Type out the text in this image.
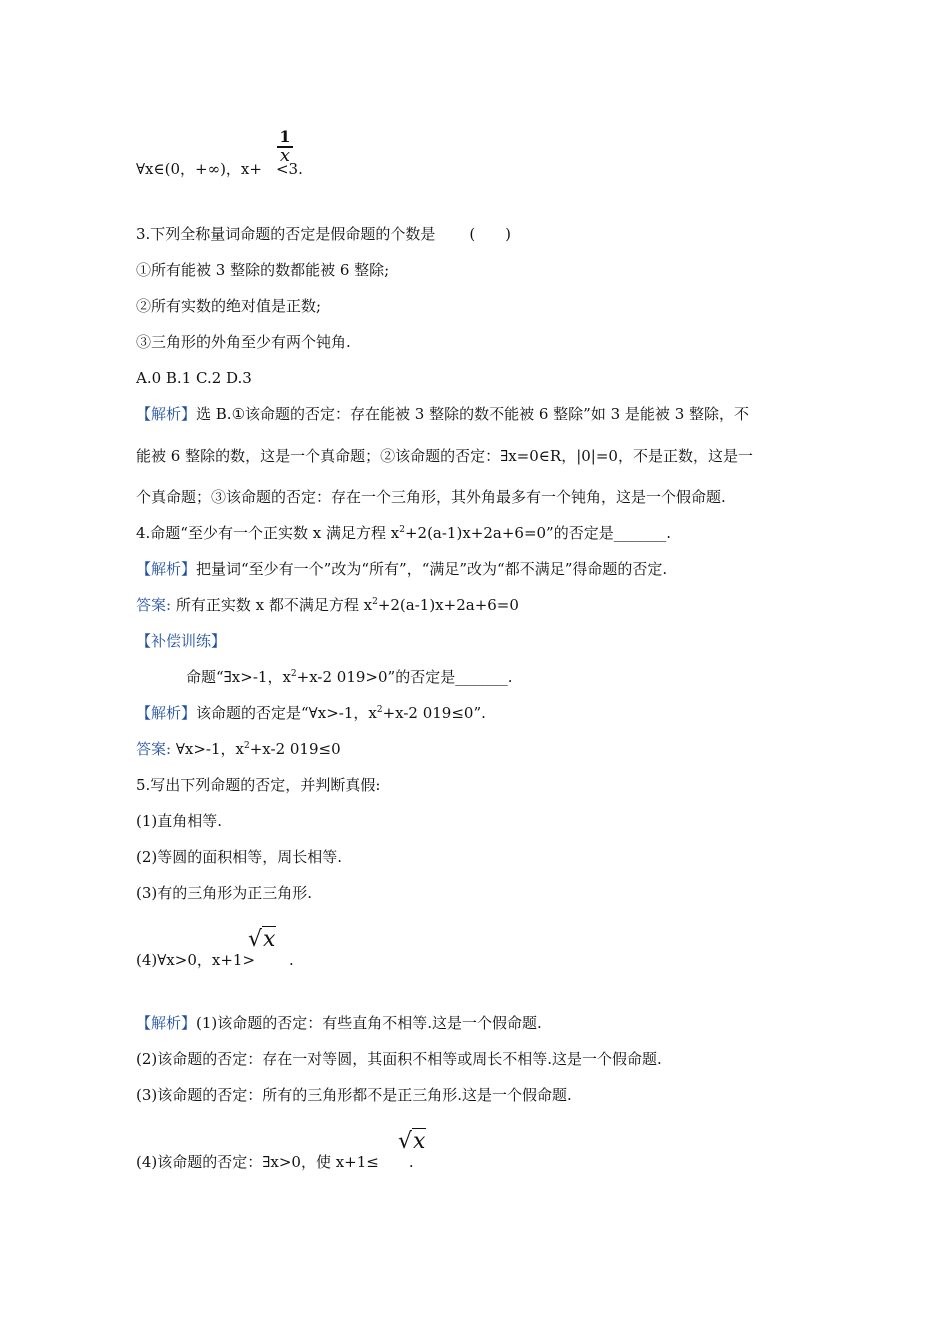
1
x
∀x∈(0，+∞)，x+ <3.
3.下列全称量词命题的否定是假命题的个数是 (　　)
①所有能被 3 整除的数都能被 6 整除;
②所有实数的绝对值是正数;
③三角形的外角至少有两个钝角.
A.0 B.1 C.2 D.3
【解析】选 B.①该命题的否定：存在能被 3 整除的数不能被 6 整除”如 3 是能被 3 整除，不
能被 6 整除的数，这是一个真命题；②该命题的否定：∃x=0∈R，|0|=0，不是正数，这是一
个真命题；③该命题的否定：存在一个三角形，其外角最多有一个钝角，这是一个假命题.
4.命题“至少有一个正实数 x 满足方程 $x^2+2(a-1)x+2a+6=0$”的否定是_______.
【解析】把量词“至少有一个”改为“所有”，“满足”改为“都不满足”得命题的否定.
答案: 所有正实数 x 都不满足方程 $x^2+2(a-1)x+2a+6=0$
【补偿训练】
命题“∃x>-1，$x^2+x-2$ 019>0”的否定是_______.
【解析】该命题的否定是“∀x>-1，$x^2+x-2$ 019≤0”.
答案: ∀x>-1，$x^2+x-2$ 019≤0
5.写出下列命题的否定，并判断真假:
(1)直角相等.
(2)等圆的面积相等，周长相等.
(3)有的三角形为正三角形.
√x
(4)∀x>0，x+1> .
【解析】(1)该命题的否定：有些直角不相等.这是一个假命题.
(2)该命题的否定：存在一对等圆，其面积不相等或周长不相等.这是一个假命题.
(3)该命题的否定：所有的三角形都不是正三角形.这是一个假命题.
√x
(4)该命题的否定：∃x>0，使 x+1≤ .
